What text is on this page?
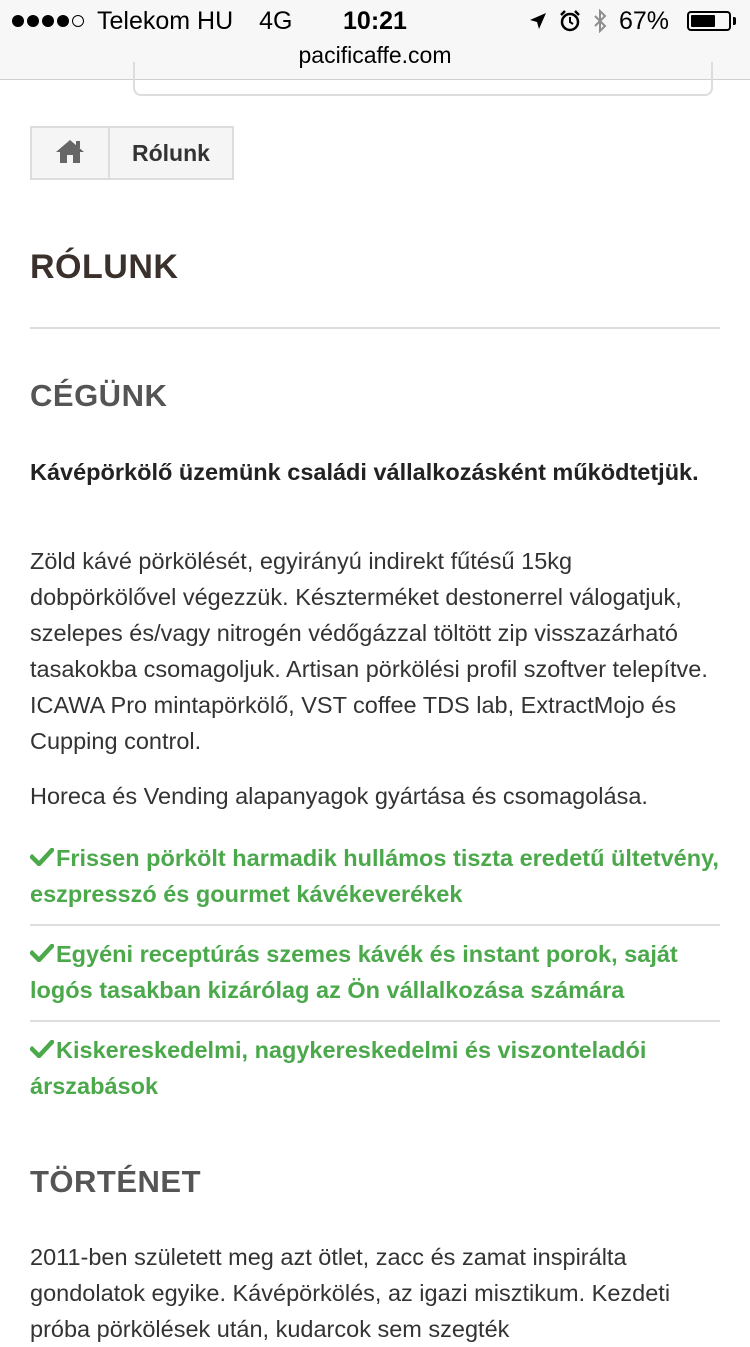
Telekom HU 4G	10:21	67%
pacificaffe.com
Rólunk
RÓLUNK
CÉGÜNK

Kávépörkölő üzemünk családi vállalkozásként működtetjük.

Zöld kávé pörkölését, egyirányú indirekt fűtésű 15kg dobpörkölővel végezzük. Készterméket destonerrel válogatjuk, szelepes és/vagy nitrogén védőgázzal töltött zip visszazárható tasakokba csomagoljuk. Artisan pörkölési profil szoftver telepítve. ICAWA Pro mintapörkölő, VST coffee TDS lab, ExtractMojo és Cupping control.

Horeca és Vending alapanyagok gyártása és csomagolása.

Frissen pörkölt harmadik hullámos tiszta eredetű ültetvény, eszpresszó és gourmet kávékeverékek
Egyéni receptúrás szemes kávék és instant porok, saját logós tasakban kizárólag az Ön vállalkozása számára
Kiskereskedelmi, nagykereskedelmi és viszonteladói árszabások
TÖRTÉNET

2011-ben született meg azt ötlet, zacc és zamat inspirálta gondolatok egyike. Kávépörkölés, az igazi misztikum. Kezdeti próba pörkölések után, kudarcok sem szegték
